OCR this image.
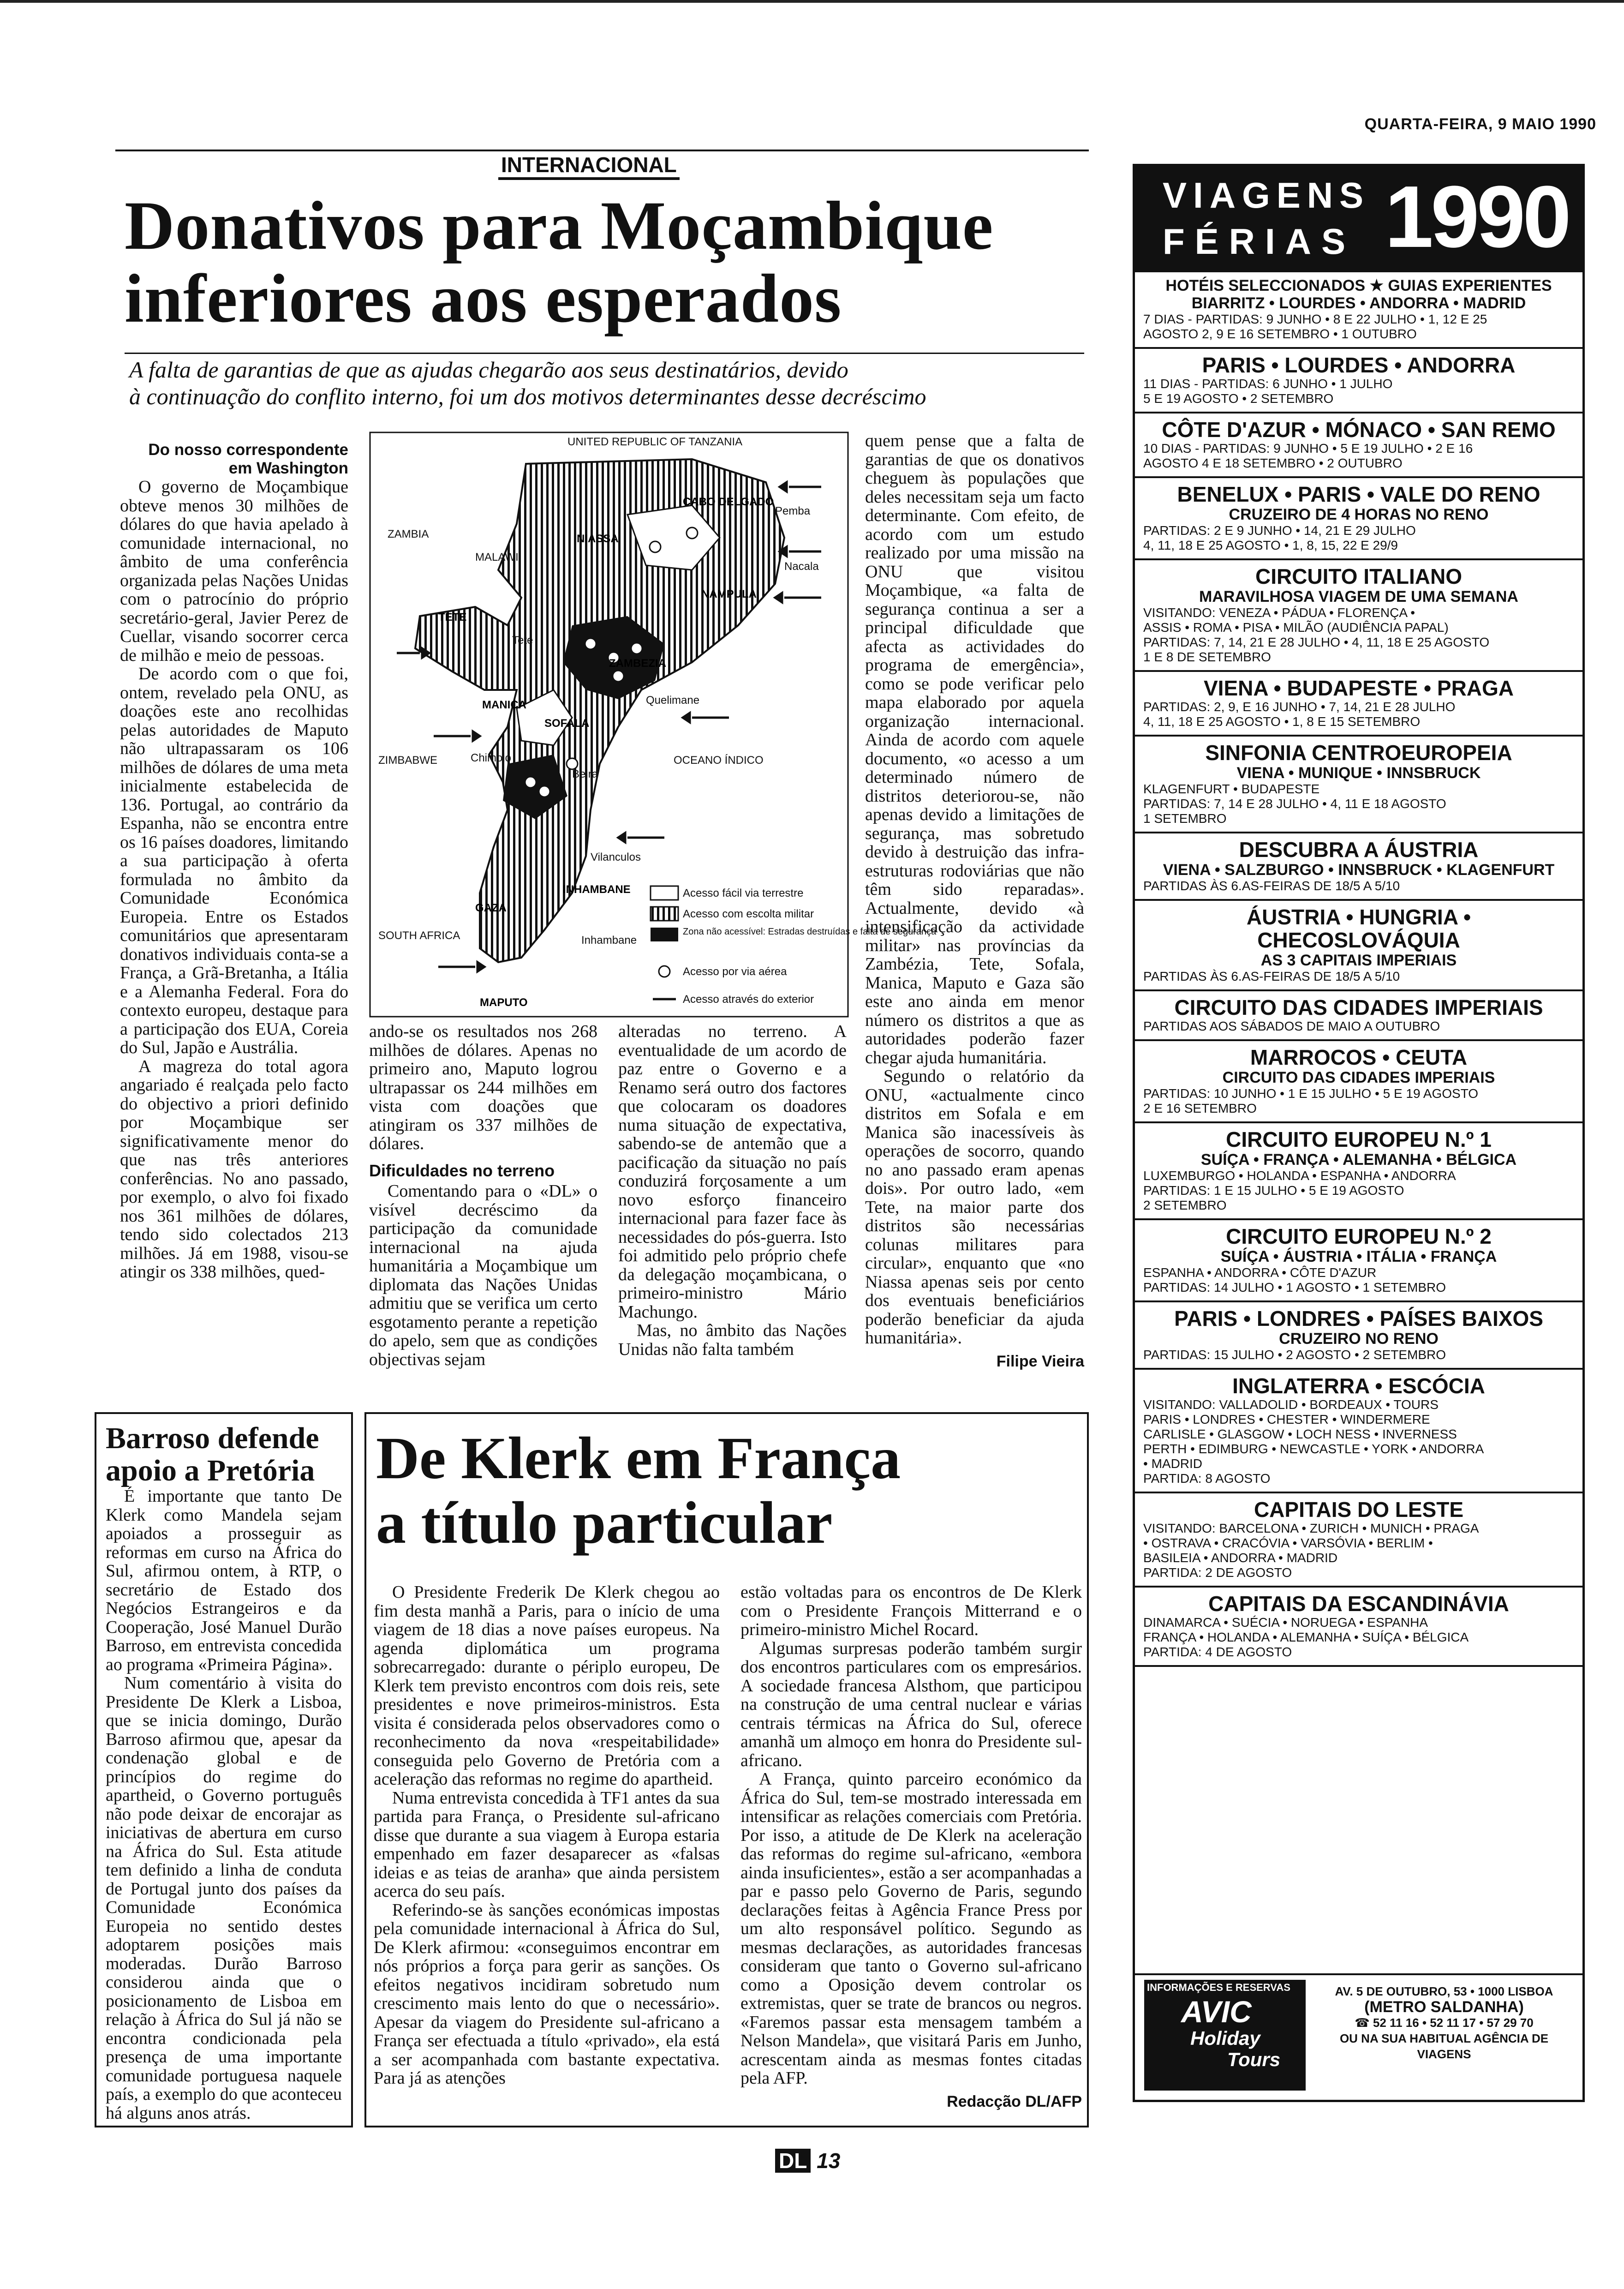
QUARTA-FEIRA, 9 MAIO 1990
INTERNACIONAL
Donativos para Moçambique
inferiores aos esperados
A falta de garantias de que as ajudas chegarão aos seus destinatários, devido
à continuação do conflito interno, foi um dos motivos determinantes desse decréscimo
Do nosso correspondente
em Washington

O governo de Moçambique obteve menos 30 milhões de dólares do que havia apelado à comunidade internacional, no âmbito de uma conferência organizada pelas Nações Unidas com o patrocínio do próprio secretário-geral, Javier Perez de Cuellar, visando socorrer cerca de milhão e meio de pessoas.

De acordo com o que foi, ontem, revelado pela ONU, as doações este ano recolhidas pelas autoridades de Maputo não ultrapassaram os 106 milhões de dólares de uma meta inicialmente estabelecida de 136. Portugal, ao contrário da Espanha, não se encontra entre os 16 países doadores, limitando a sua participação à oferta formulada no âmbito da Comunidade Económica Europeia. Entre os Estados comunitários que apresentaram donativos individuais conta-se a França, a Grã-Bretanha, a Itália e a Alemanha Federal. Fora do contexto europeu, destaque para a participação dos EUA, Coreia do Sul, Japão e Austrália.

A magreza do total agora angariado é realçada pelo facto do objectivo a priori definido por Moçambique ser significativamente menor do que nas três anteriores conferências. No ano passado, por exemplo, o alvo foi fixado nos 361 milhões de dólares, tendo sido colectados 213 milhões. Já em 1988, visou-se atingir os 338 milhões, qued-

UNITED REPUBLIC OF TANZANIA
ZAMBIA
MALAWI
NIASSA
CABO DELGADO
Pemba
Nacala
NAMPULA
TETE
Tete
ZAMBEZIA
Quelimane
MANICA
ZIMBABWE	Chimoio
SOFALA
Beira
OCEANO ÍNDICO
Vilanculos
INHAMBANE
GAZA
SOUTH AFRICA	Inhambane
MAPUTO
Acesso fácil via terrestre
Acesso com escolta militar
Zona não acessível: Estradas destruídas e falta de segurança
Acesso por via aérea
Acesso através do exterior

ando-se os resultados nos 268 milhões de dólares. Apenas no primeiro ano, Maputo logrou ultrapassar os 244 milhões em vista com doações que atingiram os 337 milhões de dólares.

Dificuldades no terreno

Comentando para o «DL» o visível decréscimo da participação da comunidade internacional na ajuda humanitária a Moçambique um diplomata das Nações Unidas admitiu que se verifica um certo esgotamento perante a repetição do apelo, sem que as condições objectivas sejam

alteradas no terreno. A eventualidade de um acordo de paz entre o Governo e a Renamo será outro dos factores que colocaram os doadores numa situação de expectativa, sabendo-se de antemão que a pacificação da situação no país conduzirá forçosamente a um novo esforço financeiro internacional para fazer face às necessidades do pós-guerra. Isto foi admitido pelo próprio chefe da delegação moçambicana, o primeiro-ministro Mário Machungo.

Mas, no âmbito das Nações Unidas não falta também

quem pense que a falta de garantias de que os donativos cheguem às populações que deles necessitam seja um facto determinante. Com efeito, de acordo com um estudo realizado por uma missão na ONU que visitou Moçambique, «a falta de segurança continua a ser a principal dificuldade que afecta as actividades do programa de emergência», como se pode verificar pelo mapa elaborado por aquela organização internacional. Ainda de acordo com aquele documento, «o acesso a um determinado número de distritos deteriorou-se, não apenas devido a limitações de segurança, mas sobretudo devido à destruição das infra-estruturas rodoviárias que não têm sido reparadas». Actualmente, devido «à intensificação da actividade militar» nas províncias da Zambézia, Tete, Sofala, Manica, Maputo e Gaza são este ano ainda em menor número os distritos a que as autoridades poderão fazer chegar ajuda humanitária.

Segundo o relatório da ONU, «actualmente cinco distritos em Sofala e em Manica são inacessíveis às operações de socorro, quando no ano passado eram apenas dois». Por outro lado, «em Tete, na maior parte dos distritos são necessárias colunas militares para circular», enquanto que «no Niassa apenas seis por cento dos eventuais beneficiários poderão beneficiar da ajuda humanitária».

Filipe Vieira
Barroso defende
apoio a Pretória

É importante que tanto De Klerk como Mandela sejam apoiados a prosseguir as reformas em curso na África do Sul, afirmou ontem, à RTP, o secretário de Estado dos Negócios Estrangeiros e da Cooperação, José Manuel Durão Barroso, em entrevista concedida ao programa «Primeira Página».

Num comentário à visita do Presidente De Klerk a Lisboa, que se inicia domingo, Durão Barroso afirmou que, apesar da condenação global e de princípios do regime do apartheid, o Governo português não pode deixar de encorajar as iniciativas de abertura em curso na África do Sul. Esta atitude tem definido a linha de conduta de Portugal junto dos países da Comunidade Económica Europeia no sentido destes adoptarem posições mais moderadas. Durão Barroso considerou ainda que o posicionamento de Lisboa em relação à África do Sul já não se encontra condicionada pela presença de uma importante comunidade portuguesa naquele país, a exemplo do que aconteceu há alguns anos atrás.

De Klerk em França
a título particular

O Presidente Frederik De Klerk chegou ao fim desta manhã a Paris, para o início de uma viagem de 18 dias a nove países europeus. Na agenda diplomática um programa sobrecarregado: durante o périplo europeu, De Klerk tem previsto encontros com dois reis, sete presidentes e nove primeiros-ministros. Esta visita é considerada pelos observadores como o reconhecimento da nova «respeitabilidade» conseguida pelo Governo de Pretória com a aceleração das reformas no regime do apartheid.

Numa entrevista concedida à TF1 antes da sua partida para França, o Presidente sul-africano disse que durante a sua viagem à Europa estaria empenhado em fazer desaparecer as «falsas ideias e as teias de aranha» que ainda persistem acerca do seu país.

Referindo-se às sanções económicas impostas pela comunidade internacional à África do Sul, De Klerk afirmou: «conseguimos encontrar em nós próprios a força para gerir as sanções. Os efeitos negativos incidiram sobretudo num crescimento mais lento do que o necessário». Apesar da viagem do Presidente sul-africano a França ser efectuada a título «privado», ela está a ser acompanhada com bastante expectativa. Para já as atenções

estão voltadas para os encontros de De Klerk com o Presidente François Mitterrand e o primeiro-ministro Michel Rocard.

Algumas surpresas poderão também surgir dos encontros particulares com os empresários. A sociedade francesa Alsthom, que participou na construção de uma central nuclear e várias centrais térmicas na África do Sul, oferece amanhã um almoço em honra do Presidente sul-africano.

A França, quinto parceiro económico da África do Sul, tem-se mostrado interessada em intensificar as relações comerciais com Pretória. Por isso, a atitude de De Klerk na aceleração das reformas do regime sul-africano, «embora ainda insuficientes», estão a ser acompanhadas a par e passo pelo Governo de Paris, segundo declarações feitas à Agência France Press por um alto responsável político. Segundo as mesmas declarações, as autoridades francesas consideram que tanto o Governo sul-africano como a Oposição devem controlar os extremistas, quer se trate de brancos ou negros. «Faremos passar esta mensagem também a Nelson Mandela», que visitará Paris em Junho, acrescentam ainda as mesmas fontes citadas pela AFP.

Redacção DL/AFP
VIAGENS
FÉRIAS 1990
HOTÉIS SELECCIONADOS ★ GUIAS EXPERIENTES
BIARRITZ • LOURDES • ANDORRA • MADRID
7 DIAS - PARTIDAS: 9 JUNHO • 8 E 22 JULHO • 1, 12 E 25
AGOSTO 2, 9 E 16 SETEMBRO • 1 OUTUBRO
PARIS • LOURDES • ANDORRA
11 DIAS - PARTIDAS: 6 JUNHO • 1 JULHO
5 E 19 AGOSTO • 2 SETEMBRO
CÔTE D'AZUR • MÓNACO • SAN REMO
10 DIAS - PARTIDAS: 9 JUNHO • 5 E 19 JULHO • 2 E 16
AGOSTO 4 E 18 SETEMBRO • 2 OUTUBRO
BENELUX • PARIS • VALE DO RENO
CRUZEIRO DE 4 HORAS NO RENO
PARTIDAS: 2 E 9 JUNHO • 14, 21 E 29 JULHO
4, 11, 18 E 25 AGOSTO • 1, 8, 15, 22 E 29/9
CIRCUITO ITALIANO
MARAVILHOSA VIAGEM DE UMA SEMANA
VISITANDO: VENEZA • PÁDUA • FLORENÇA •
ASSIS • ROMA • PISA • MILÃO (AUDIÊNCIA PAPAL)
PARTIDAS: 7, 14, 21 E 28 JULHO • 4, 11, 18 E 25 AGOSTO
1 E 8 DE SETEMBRO
VIENA • BUDAPESTE • PRAGA
PARTIDAS: 2, 9, E 16 JUNHO • 7, 14, 21 E 28 JULHO
4, 11, 18 E 25 AGOSTO • 1, 8 E 15 SETEMBRO
SINFONIA CENTROEUROPEIA
VIENA • MUNIQUE • INNSBRUCK
KLAGENFURT • BUDAPESTE
PARTIDAS: 7, 14 E 28 JULHO • 4, 11 E 18 AGOSTO
1 SETEMBRO
DESCUBRA A ÁUSTRIA
VIENA • SALZBURGO • INNSBRUCK • KLAGENFURT
PARTIDAS ÀS 6.AS-FEIRAS DE 18/5 A 5/10
ÁUSTRIA • HUNGRIA • CHECOSLOVÁQUIA
AS 3 CAPITAIS IMPERIAIS
PARTIDAS ÀS 6.AS-FEIRAS DE 18/5 A 5/10
CIRCUITO DAS CIDADES IMPERIAIS
PARTIDAS AOS SÁBADOS DE MAIO A OUTUBRO
MARROCOS • CEUTA
CIRCUITO DAS CIDADES IMPERIAIS
PARTIDAS: 10 JUNHO • 1 E 15 JULHO • 5 E 19 AGOSTO
2 E 16 SETEMBRO
CIRCUITO EUROPEU N.º 1
SUÍÇA • FRANÇA • ALEMANHA • BÉLGICA
LUXEMBURGO • HOLANDA • ESPANHA • ANDORRA
PARTIDAS: 1 E 15 JULHO • 5 E 19 AGOSTO
2 SETEMBRO
CIRCUITO EUROPEU N.º 2
SUÍÇA • ÁUSTRIA • ITÁLIA • FRANÇA
ESPANHA • ANDORRA • CÔTE D'AZUR
PARTIDAS: 14 JULHO • 1 AGOSTO • 1 SETEMBRO
PARIS • LONDRES • PAÍSES BAIXOS
CRUZEIRO NO RENO
PARTIDAS: 15 JULHO • 2 AGOSTO • 2 SETEMBRO
INGLATERRA • ESCÓCIA
VISITANDO: VALLADOLID • BORDEAUX • TOURS
PARIS • LONDRES • CHESTER • WINDERMERE
CARLISLE • GLASGOW • LOCH NESS • INVERNESS
PERTH • EDIMBURG • NEWCASTLE • YORK • ANDORRA
• MADRID
PARTIDA: 8 AGOSTO
CAPITAIS DO LESTE
VISITANDO: BARCELONA • ZURICH • MUNICH • PRAGA
• OSTRAVA • CRACÓVIA • VARSÓVIA • BERLIM •
BASILEIA • ANDORRA • MADRID
PARTIDA: 2 DE AGOSTO
CAPITAIS DA ESCANDINÁVIA
DINAMARCA • SUÉCIA • NORUEGA • ESPANHA
FRANÇA • HOLANDA • ALEMANHA • SUÍÇA • BÉLGICA
PARTIDA: 4 DE AGOSTO
INFORMAÇÕES E RESERVAS
AVIC
Holiday
Tours
AV. 5 DE OUTUBRO, 53 • 1000 LISBOA
(METRO SALDANHA)
☎ 52 11 16 • 52 11 17 • 57 29 70
OU NA SUA HABITUAL AGÊNCIA DE VIAGENS
DL 13
